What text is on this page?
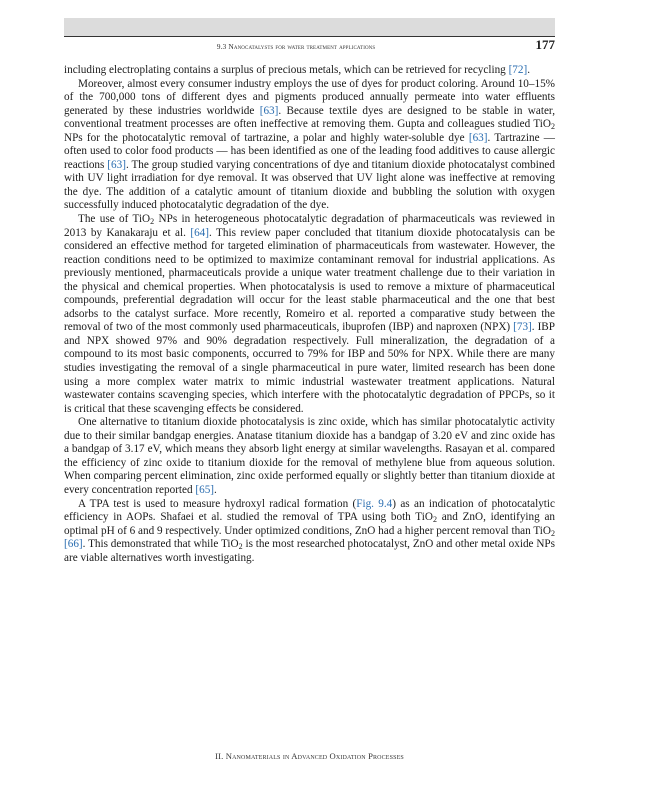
9.3 Nanocatalysts for water treatment applications	177

including electroplating contains a surplus of precious metals, which can be retrieved for recycling [72].

Moreover, almost every consumer industry employs the use of dyes for product coloring. Around 10–15% of the 700,000 tons of different dyes and pigments produced annually permeate into water effluents generated by these industries worldwide [63]. Because textile dyes are designed to be stable in water, conventional treatment processes are often ineffective at removing them. Gupta and colleagues studied TiO$_2$ NPs for the photocatalytic removal of tartrazine, a polar and highly water-soluble dye [63]. Tartrazine — often used to color food products — has been identified as one of the leading food additives to cause allergic reactions [63]. The group studied varying concentrations of dye and titanium dioxide photocatalyst combined with UV light irradiation for dye removal. It was observed that UV light alone was ineffective at removing the dye. The addition of a catalytic amount of titanium dioxide and bubbling the solution with oxygen successfully induced photocatalytic degradation of the dye.

The use of TiO$_2$ NPs in heterogeneous photocatalytic degradation of pharmaceuticals was reviewed in 2013 by Kanakaraju et al. [64]. This review paper concluded that titanium dioxide photocatalysis can be considered an effective method for targeted elimination of pharmaceuticals from wastewater. However, the reaction conditions need to be optimized to maximize contaminant removal for industrial applications. As previously mentioned, pharmaceuticals provide a unique water treatment challenge due to their variation in the physical and chemical properties. When photocatalysis is used to remove a mixture of pharmaceutical compounds, preferential degradation will occur for the least stable pharmaceutical and the one that best adsorbs to the catalyst surface. More recently, Romeiro et al. reported a comparative study between the removal of two of the most commonly used pharmaceuticals, ibuprofen (IBP) and naproxen (NPX) [73]. IBP and NPX showed 97% and 90% degradation respectively. Full mineralization, the degradation of a compound to its most basic components, occurred to 79% for IBP and 50% for NPX. While there are many studies investigating the removal of a single pharmaceutical in pure water, limited research has been done using a more complex water matrix to mimic industrial wastewater treatment applications. Natural wastewater contains scavenging species, which interfere with the photocatalytic degradation of PPCPs, so it is critical that these scavenging effects be considered.

One alternative to titanium dioxide photocatalysis is zinc oxide, which has similar photocatalytic activity due to their similar bandgap energies. Anatase titanium dioxide has a bandgap of 3.20 eV and zinc oxide has a bandgap of 3.17 eV, which means they absorb light energy at similar wavelengths. Rasayan et al. compared the efficiency of zinc oxide to titanium dioxide for the removal of methylene blue from aqueous solution. When comparing percent elimination, zinc oxide performed equally or slightly better than titanium dioxide at every concentration reported [65].

A TPA test is used to measure hydroxyl radical formation (Fig. 9.4) as an indication of photocatalytic efficiency in AOPs. Shafaei et al. studied the removal of TPA using both TiO$_2$ and ZnO, identifying an optimal pH of 6 and 9 respectively. Under optimized conditions, ZnO had a higher percent removal than TiO$_2$ [66]. This demonstrated that while TiO$_2$ is the most researched photocatalyst, ZnO and other metal oxide NPs are viable alternatives worth investigating.

II. Nanomaterials in Advanced Oxidation Processes
